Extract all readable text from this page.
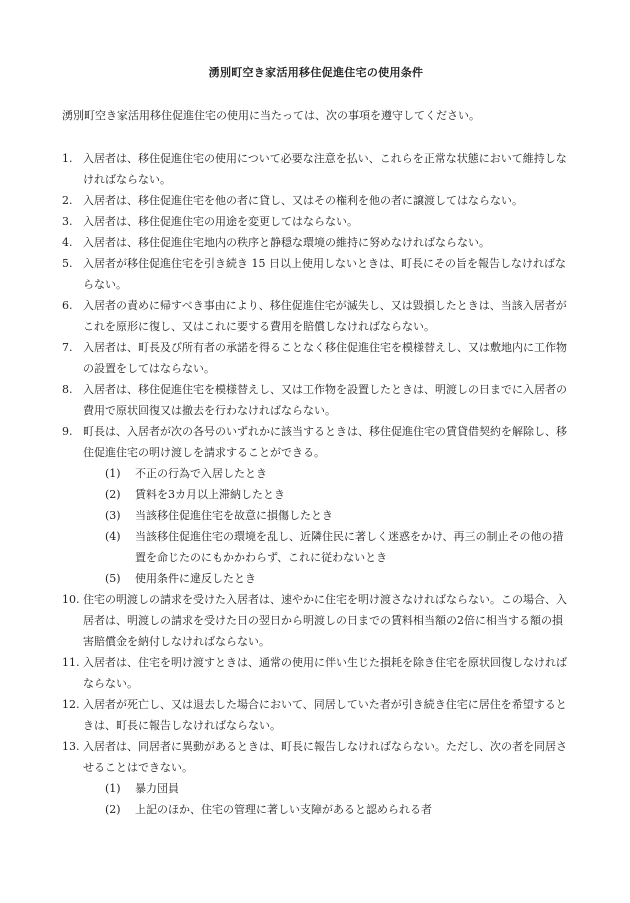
湧別町空き家活用移住促進住宅の使用条件

湧別町空き家活用移住促進住宅の使用に当たっては、次の事項を遵守してください。

1. 入居者は、移住促進住宅の使用について必要な注意を払い、これらを正常な状態において維持しなければならない。
2. 入居者は、移住促進住宅を他の者に貸し、又はその権利を他の者に譲渡してはならない。
3. 入居者は、移住促進住宅の用途を変更してはならない。
4. 入居者は、移住促進住宅地内の秩序と静穏な環境の維持に努めなければならない。
5. 入居者が移住促進住宅を引き続き 15 日以上使用しないときは、町長にその旨を報告しなければならない。
6. 入居者の責めに帰すべき事由により、移住促進住宅が滅失し、又は毀損したときは、当該入居者がこれを原形に復し、又はこれに要する費用を賠償しなければならない。
7. 入居者は、町長及び所有者の承諾を得ることなく移住促進住宅を模様替えし、又は敷地内に工作物の設置をしてはならない。
8. 入居者は、移住促進住宅を模様替えし、又は工作物を設置したときは、明渡しの日までに入居者の費用で原状回復又は撤去を行わなければならない。
9. 町長は、入居者が次の各号のいずれかに該当するときは、移住促進住宅の賃貸借契約を解除し、移住促進住宅の明け渡しを請求することができる。
(1) 不正の行為で入居したとき
(2) 賃料を3カ月以上滞納したとき
(3) 当該移住促進住宅を故意に損傷したとき
(4) 当該移住促進住宅の環境を乱し、近隣住民に著しく迷惑をかけ、再三の制止その他の措置を命じたのにもかかわらず、これに従わないとき
(5) 使用条件に違反したとき
10. 住宅の明渡しの請求を受けた入居者は、速やかに住宅を明け渡さなければならない。この場合、入居者は、明渡しの請求を受けた日の翌日から明渡しの日までの賃料相当額の2倍に相当する額の損害賠償金を納付しなければならない。
11. 入居者は、住宅を明け渡すときは、通常の使用に伴い生じた損耗を除き住宅を原状回復しなければならない。
12. 入居者が死亡し、又は退去した場合において、同居していた者が引き続き住宅に居住を希望するときは、町長に報告しなければならない。
13. 入居者は、同居者に異動があるときは、町長に報告しなければならない。ただし、次の者を同居させることはできない。
(1) 暴力団員
(2) 上記のほか、住宅の管理に著しい支障があると認められる者
